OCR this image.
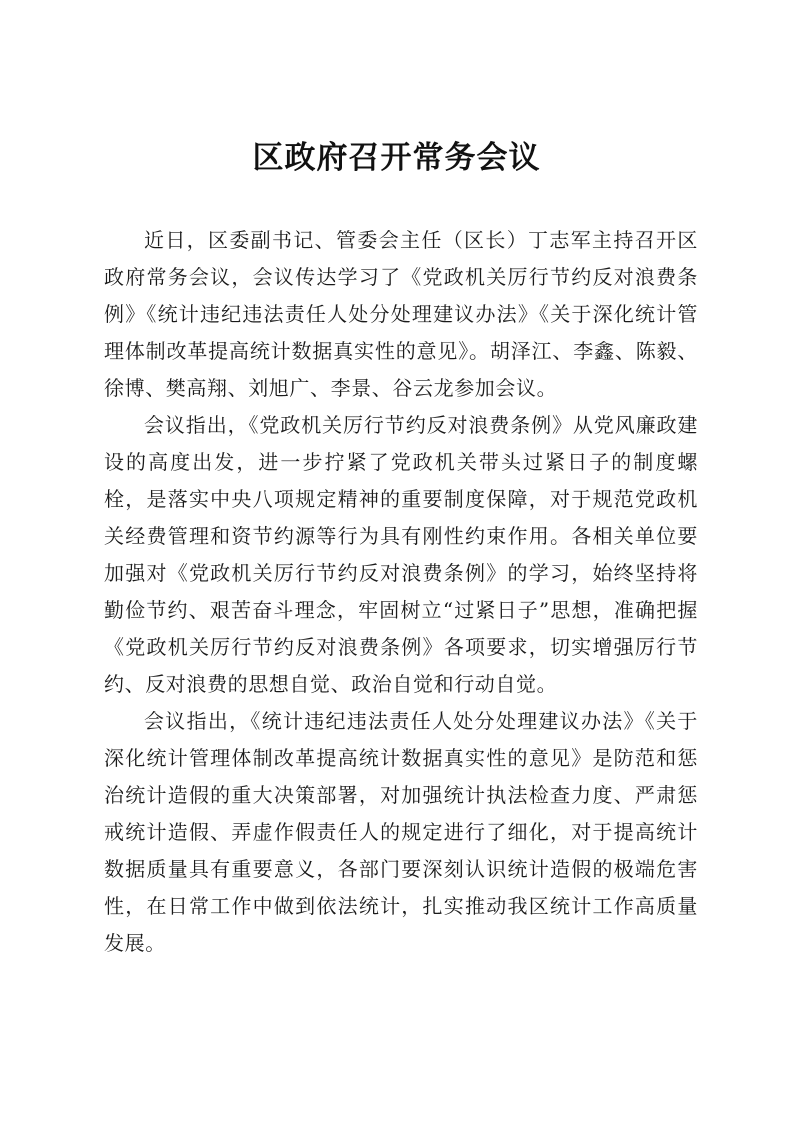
区政府召开常务会议

近日，区委副书记、管委会主任（区长）丁志军主持召开区政府常务会议，会议传达学习了《党政机关厉行节约反对浪费条例》《统计违纪违法责任人处分处理建议办法》《关于深化统计管理体制改革提高统计数据真实性的意见》。胡泽江、李鑫、陈毅、徐博、樊高翔、刘旭广、李景、谷云龙参加会议。

会议指出，《党政机关厉行节约反对浪费条例》从党风廉政建设的高度出发，进一步拧紧了党政机关带头过紧日子的制度螺栓，是落实中央八项规定精神的重要制度保障，对于规范党政机关经费管理和资节约源等行为具有刚性约束作用。各相关单位要加强对《党政机关厉行节约反对浪费条例》的学习，始终坚持将勤俭节约、艰苦奋斗理念，牢固树立“过紧日子”思想，准确把握《党政机关厉行节约反对浪费条例》各项要求，切实增强厉行节约、反对浪费的思想自觉、政治自觉和行动自觉。

会议指出，《统计违纪违法责任人处分处理建议办法》《关于深化统计管理体制改革提高统计数据真实性的意见》是防范和惩治统计造假的重大决策部署，对加强统计执法检查力度、严肃惩戒统计造假、弄虚作假责任人的规定进行了细化，对于提高统计数据质量具有重要意义，各部门要深刻认识统计造假的极端危害性，在日常工作中做到依法统计，扎实推动我区统计工作高质量发展。
